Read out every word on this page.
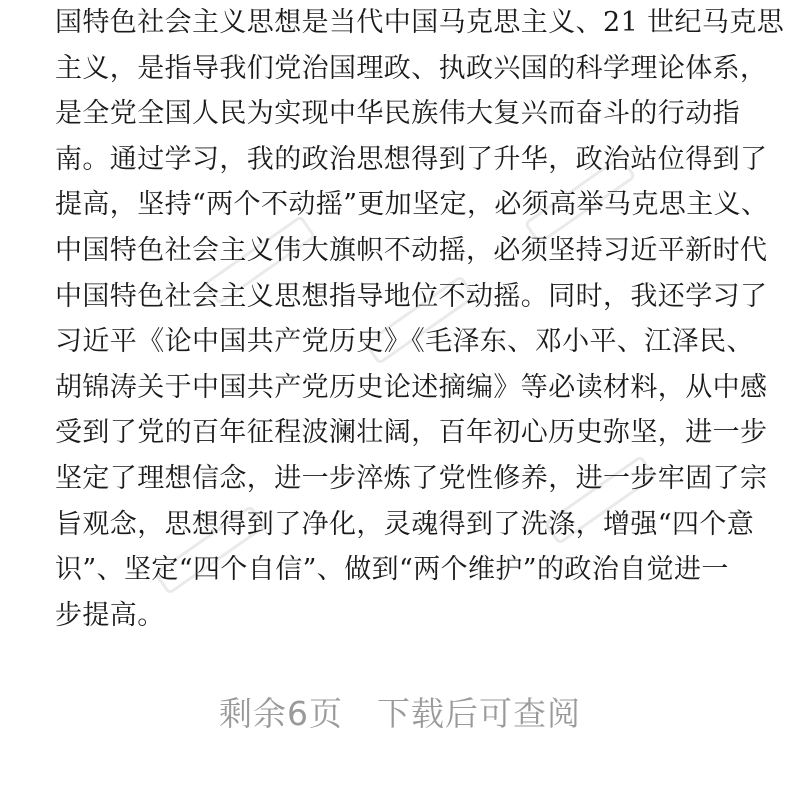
国特色社会主义思想是当代中国马克思主义、21 世纪马克思
主义，是指导我们党治国理政、执政兴国的科学理论体系，
是全党全国人民为实现中华民族伟大复兴而奋斗的行动指
南。通过学习，我的政治思想得到了升华，政治站位得到了
提高，坚持“两个不动摇”更加坚定，必须高举马克思主义、
中国特色社会主义伟大旗帜不动摇，必须坚持习近平新时代
中国特色社会主义思想指导地位不动摇。同时，我还学习了
习近平《论中国共产党历史》《毛泽东、邓小平、江泽民、
胡锦涛关于中国共产党历史论述摘编》等必读材料，从中感
受到了党的百年征程波澜壮阔，百年初心历史弥坚，进一步
坚定了理想信念，进一步淬炼了党性修养，进一步牢固了宗
旨观念，思想得到了净化，灵魂得到了洗涤，增强“四个意
识”、坚定“四个自信”、做到“两个维护”的政治自觉进一
步提高。
剩余6页 下载后可查阅
